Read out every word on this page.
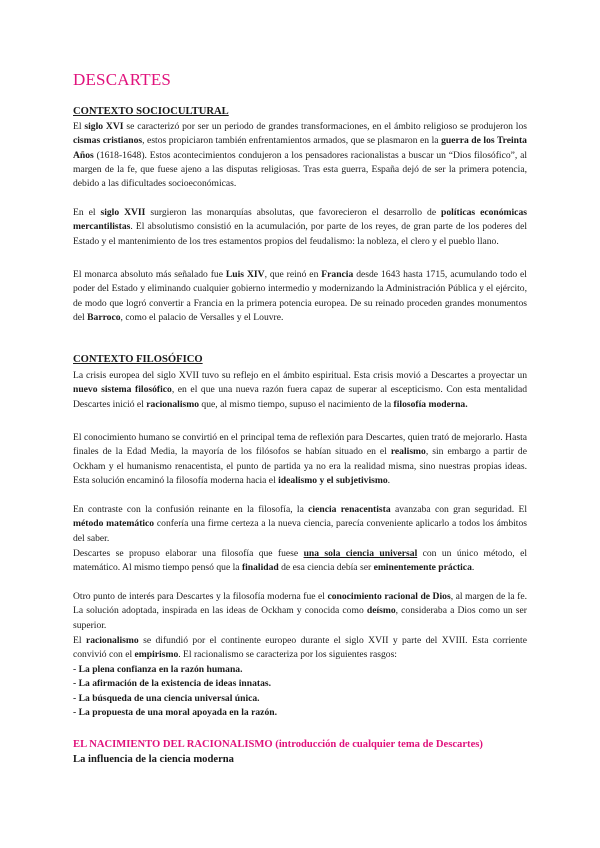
DESCARTES
CONTEXTO SOCIOCULTURAL

El siglo XVI se caracterizó por ser un periodo de grandes transformaciones, en el ámbito religioso se produjeron los cismas cristianos, estos propiciaron también enfrentamientos armados, que se plasmaron en la guerra de los Treinta Años (1618-1648). Estos acontecimientos condujeron a los pensadores racionalistas a buscar un “Dios filosófico”, al margen de la fe, que fuese ajeno a las disputas religiosas. Tras esta guerra, España dejó de ser la primera potencia, debido a las dificultades socioeconómicas.

En el siglo XVII surgieron las monarquías absolutas, que favorecieron el desarrollo de políticas económicas mercantilistas. El absolutismo consistió en la acumulación, por parte de los reyes, de gran parte de los poderes del Estado y el mantenimiento de los tres estamentos propios del feudalismo: la nobleza, el clero y el pueblo llano.

El monarca absoluto más señalado fue Luis XIV, que reinó en Francia desde 1643 hasta 1715, acumulando todo el poder del Estado y eliminando cualquier gobierno intermedio y modernizando la Administración Pública y el ejército, de modo que logró convertir a Francia en la primera potencia europea. De su reinado proceden grandes monumentos del Barroco, como el palacio de Versalles y el Louvre.

CONTEXTO FILOSÓFICO

La crisis europea del siglo XVII tuvo su reflejo en el ámbito espiritual. Esta crisis movió a Descartes a proyectar un nuevo sistema filosófico, en el que una nueva razón fuera capaz de superar al escepticismo. Con esta mentalidad Descartes inició el racionalismo que, al mismo tiempo, supuso el nacimiento de la filosofía moderna.

El conocimiento humano se convirtió en el principal tema de reflexión para Descartes, quien trató de mejorarlo. Hasta finales de la Edad Media, la mayoría de los filósofos se habían situado en el realismo, sin embargo a partir de Ockham y el humanismo renacentista, el punto de partida ya no era la realidad misma, sino nuestras propias ideas. Esta solución encaminó la filosofía moderna hacia el idealismo y el subjetivismo.

En contraste con la confusión reinante en la filosofía, la ciencia renacentista avanzaba con gran seguridad. El método matemático confería una firme certeza a la nueva ciencia, parecía conveniente aplicarlo a todos los ámbitos del saber.

Descartes se propuso elaborar una filosofía que fuese una sola ciencia universal con un único método, el matemático. Al mismo tiempo pensó que la finalidad de esa ciencia debía ser eminentemente práctica.

Otro punto de interés para Descartes y la filosofía moderna fue el conocimiento racional de Dios, al margen de la fe. La solución adoptada, inspirada en las ideas de Ockham y conocida como deísmo, consideraba a Dios como un ser superior.

El racionalismo se difundió por el continente europeo durante el siglo XVII y parte del XVIII. Esta corriente convivió con el empirismo. El racionalismo se caracteriza por los siguientes rasgos:

- La plena confianza en la razón humana.
- La afirmación de la existencia de ideas innatas.
- La búsqueda de una ciencia universal única.
- La propuesta de una moral apoyada en la razón.
EL NACIMIENTO DEL RACIONALISMO (introducción de cualquier tema de Descartes)
La influencia de la ciencia moderna
